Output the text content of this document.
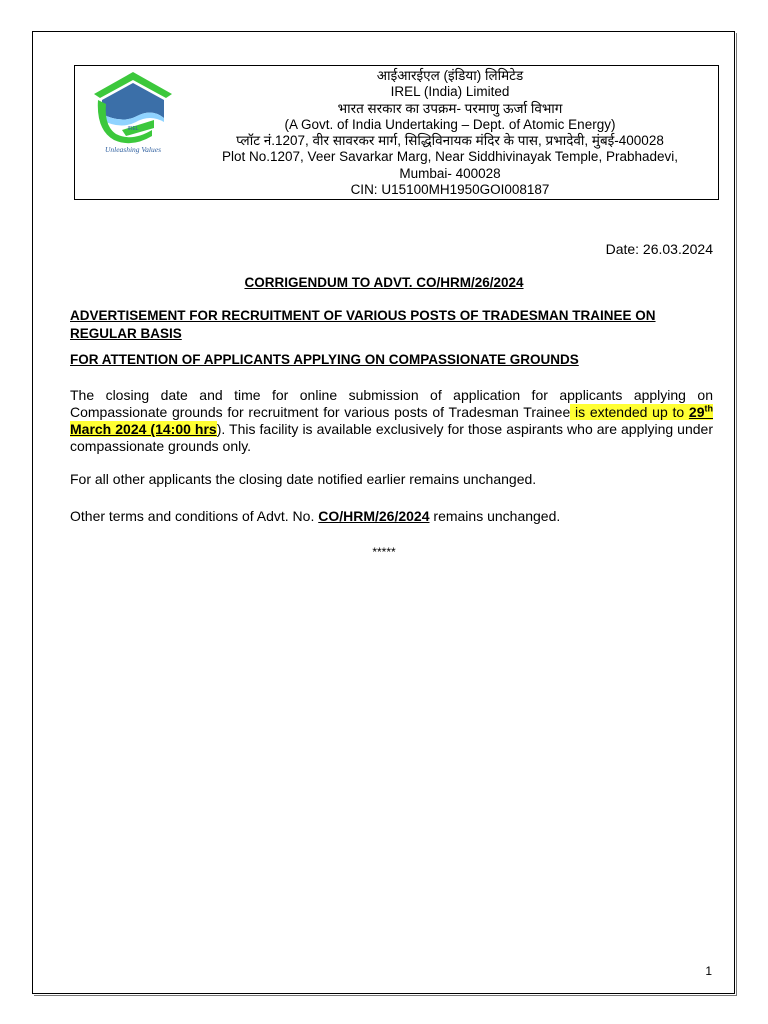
Unleashing Values
IREL
आईआरईएल (इंडिया) लिमिटेड
IREL (India) Limited
भारत सरकार का उपक्रम- परमाणु ऊर्जा विभाग
(A Govt. of India Undertaking – Dept. of Atomic Energy)
प्लॉट नं.1207, वीर सावरकर मार्ग, सिद्धिविनायक मंदिर के पास, प्रभादेवी, मुंबई-400028
Plot No.1207, Veer Savarkar Marg, Near Siddhivinayak Temple, Prabhadevi,
Mumbai- 400028
CIN: U15100MH1950GOI008187
Date: 26.03.2024
CORRIGENDUM TO ADVT. CO/HRM/26/2024
ADVERTISEMENT FOR RECRUITMENT OF VARIOUS POSTS OF TRADESMAN TRAINEE ON REGULAR BASIS
FOR ATTENTION OF APPLICANTS APPLYING ON COMPASSIONATE GROUNDS
The closing date and time for online submission of application for applicants applying on Compassionate grounds for recruitment for various posts of Tradesman Trainee is extended up to 29th March 2024 (14:00 hrs). This facility is available exclusively for those aspirants who are applying under compassionate grounds only.
For all other applicants the closing date notified earlier remains unchanged.
Other terms and conditions of Advt. No. CO/HRM/26/2024 remains unchanged.
*****
1
